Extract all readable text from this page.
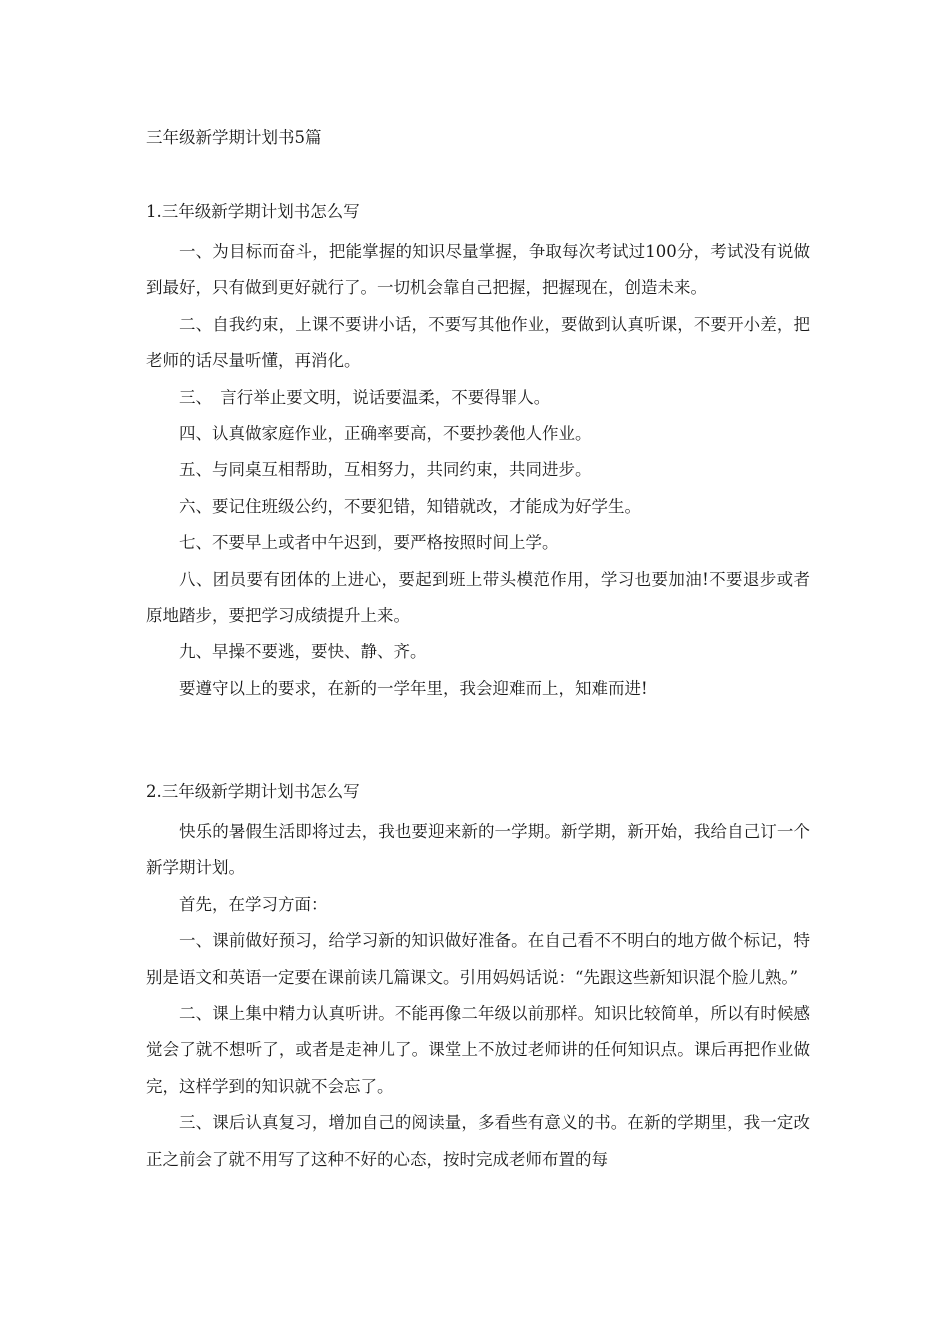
三年级新学期计划书5篇
1.三年级新学期计划书怎么写

一、为目标而奋斗，把能掌握的知识尽量掌握，争取每次考试过100分，考试没有说做到最好，只有做到更好就行了。一切机会靠自己把握，把握现在，创造未来。

二、自我约束，上课不要讲小话，不要写其他作业，要做到认真听课，不要开小差，把老师的话尽量听懂，再消化。

三、　言行举止要文明，说话要温柔，不要得罪人。

四、认真做家庭作业，正确率要高，不要抄袭他人作业。

五、与同桌互相帮助，互相努力，共同约束，共同进步。

六、要记住班级公约，不要犯错，知错就改，才能成为好学生。

七、不要早上或者中午迟到，要严格按照时间上学。

八、团员要有团体的上进心，要起到班上带头模范作用，学习也要加油!不要退步或者原地踏步，要把学习成绩提升上来。

九、早操不要逃，要快、静、齐。

要遵守以上的要求，在新的一学年里，我会迎难而上，知难而进!

2.三年级新学期计划书怎么写

快乐的暑假生活即将过去，我也要迎来新的一学期。新学期，新开始，我给自己订一个新学期计划。

首先，在学习方面：

一、课前做好预习，给学习新的知识做好准备。在自己看不不明白的地方做个标记，特别是语文和英语一定要在课前读几篇课文。引用妈妈话说：“先跟这些新知识混个脸儿熟。”

二、课上集中精力认真听讲。不能再像二年级以前那样。知识比较简单，所以有时候感觉会了就不想听了，或者是走神儿了。课堂上不放过老师讲的任何知识点。课后再把作业做完，这样学到的知识就不会忘了。

三、课后认真复习，增加自己的阅读量，多看些有意义的书。在新的学期里，我一定改正之前会了就不用写了这种不好的心态，按时完成老师布置的每
